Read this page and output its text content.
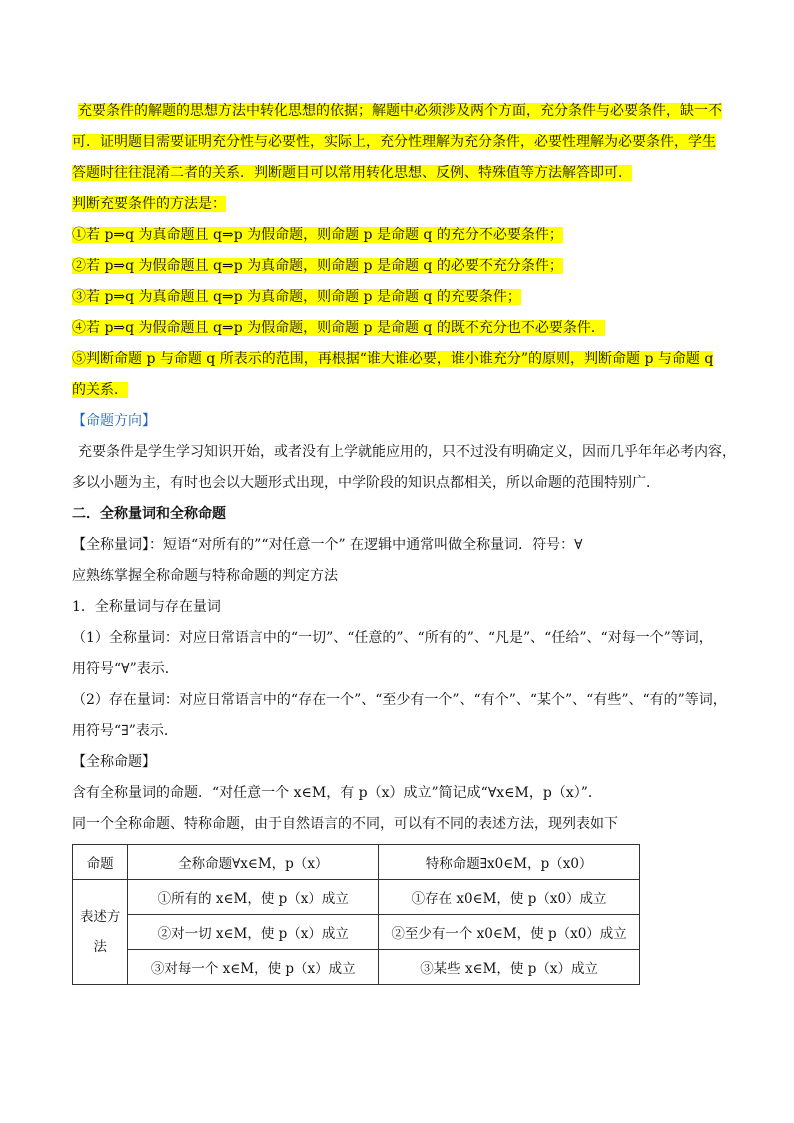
充要条件的解题的思想方法中转化思想的依据；解题中必须涉及两个方面，充分条件与必要条件，缺一不
可．证明题目需要证明充分性与必要性，实际上，充分性理解为充分条件，必要性理解为必要条件，学生
答题时往往混淆二者的关系．判断题目可以常用转化思想、反例、特殊值等方法解答即可．
判断充要条件的方法是：
①若 p⇒q 为真命题且 q⇒p 为假命题，则命题 p 是命题 q 的充分不必要条件；
②若 p⇒q 为假命题且 q⇒p 为真命题，则命题 p 是命题 q 的必要不充分条件；
③若 p⇒q 为真命题且 q⇒p 为真命题，则命题 p 是命题 q 的充要条件；
④若 p⇒q 为假命题且 q⇒p 为假命题，则命题 p 是命题 q 的既不充分也不必要条件．
⑤判断命题 p 与命题 q 所表示的范围，再根据“谁大谁必要，谁小谁充分”的原则，判断命题 p 与命题 q
的关系．
【命题方向】
充要条件是学生学习知识开始，或者没有上学就能应用的，只不过没有明确定义，因而几乎年年必考内容，
多以小题为主，有时也会以大题形式出现，中学阶段的知识点都相关，所以命题的范围特别广．
二．全称量词和全称命题
【全称量词】：短语“对所有的”“对任意一个” 在逻辑中通常叫做全称量词．符号：∀
应熟练掌握全称命题与特称命题的判定方法
1．全称量词与存在量词
（1）全称量词：对应日常语言中的“一切”、“任意的”、“所有的”、“凡是”、“任给”、“对每一个”等词，
用符号“∀”表示．
（2）存在量词：对应日常语言中的“存在一个”、“至少有一个”、“有个”、“某个”、“有些”、“有的”等词，
用符号“∃”表示．
【全称命题】
含有全称量词的命题．“对任意一个 x∈M，有 p（x）成立”简记成“∀x∈M，p（x）”．
同一个全称命题、特称命题，由于自然语言的不同，可以有不同的表述方法，现列表如下
命题	全称命题∀x∈M，p（x）	特称命题∃x0∈M，p（x0）
表述方
法	①所有的 x∈M，使 p（x）成立	①存在 x0∈M，使 p（x0）成立
	②对一切 x∈M，使 p（x）成立	②至少有一个 x0∈M，使 p（x0）成立
	③对每一个 x∈M，使 p（x）成立	③某些 x∈M，使 p（x）成立
